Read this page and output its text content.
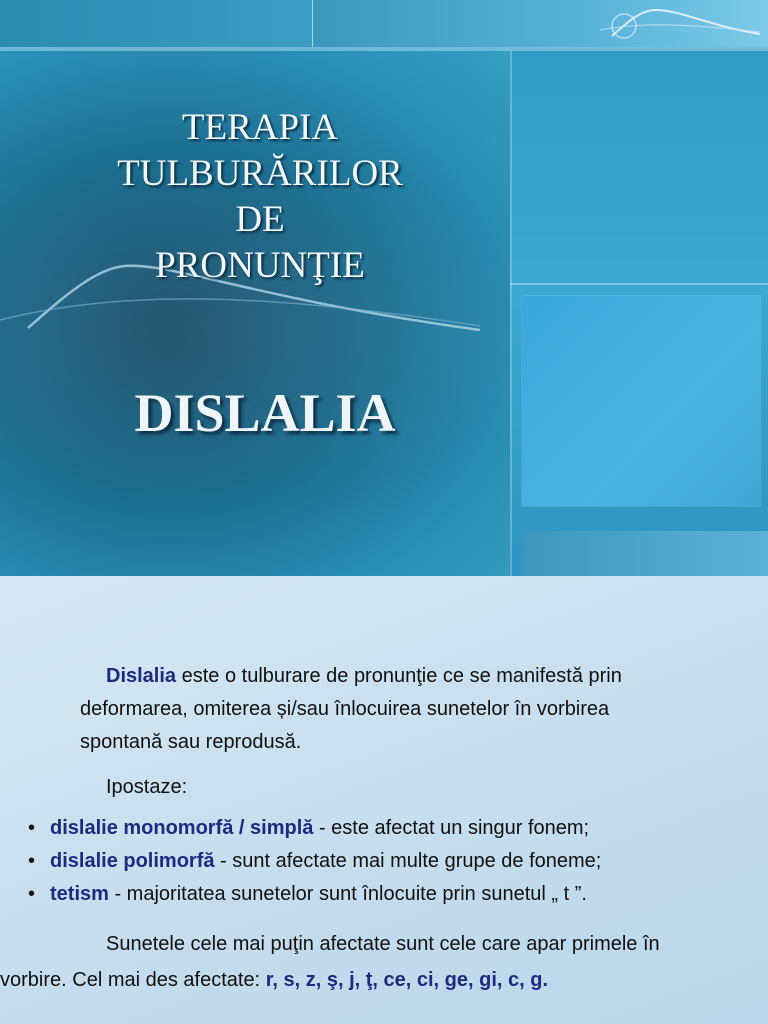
TERAPIA
TULBURĂRILOR
DE
PRONUNŢIE
DISLALIA
Dislalia este o tulburare de pronunţie ce se manifestă prin
deformarea, omiterea și/sau înlocuirea sunetelor în vorbirea
spontană sau reprodusă.
Ipostaze:
• dislalie monomorfă / simplă - este afectat un singur fonem;
• dislalie polimorfă - sunt afectate mai multe grupe de foneme;
• tetism - majoritatea sunetelor sunt înlocuite prin sunetul „ t ”.
Sunetele cele mai puţin afectate sunt cele care apar primele în
vorbire. Cel mai des afectate: r, s, z, ş, j, ţ, ce, ci, ge, gi, c, g.
